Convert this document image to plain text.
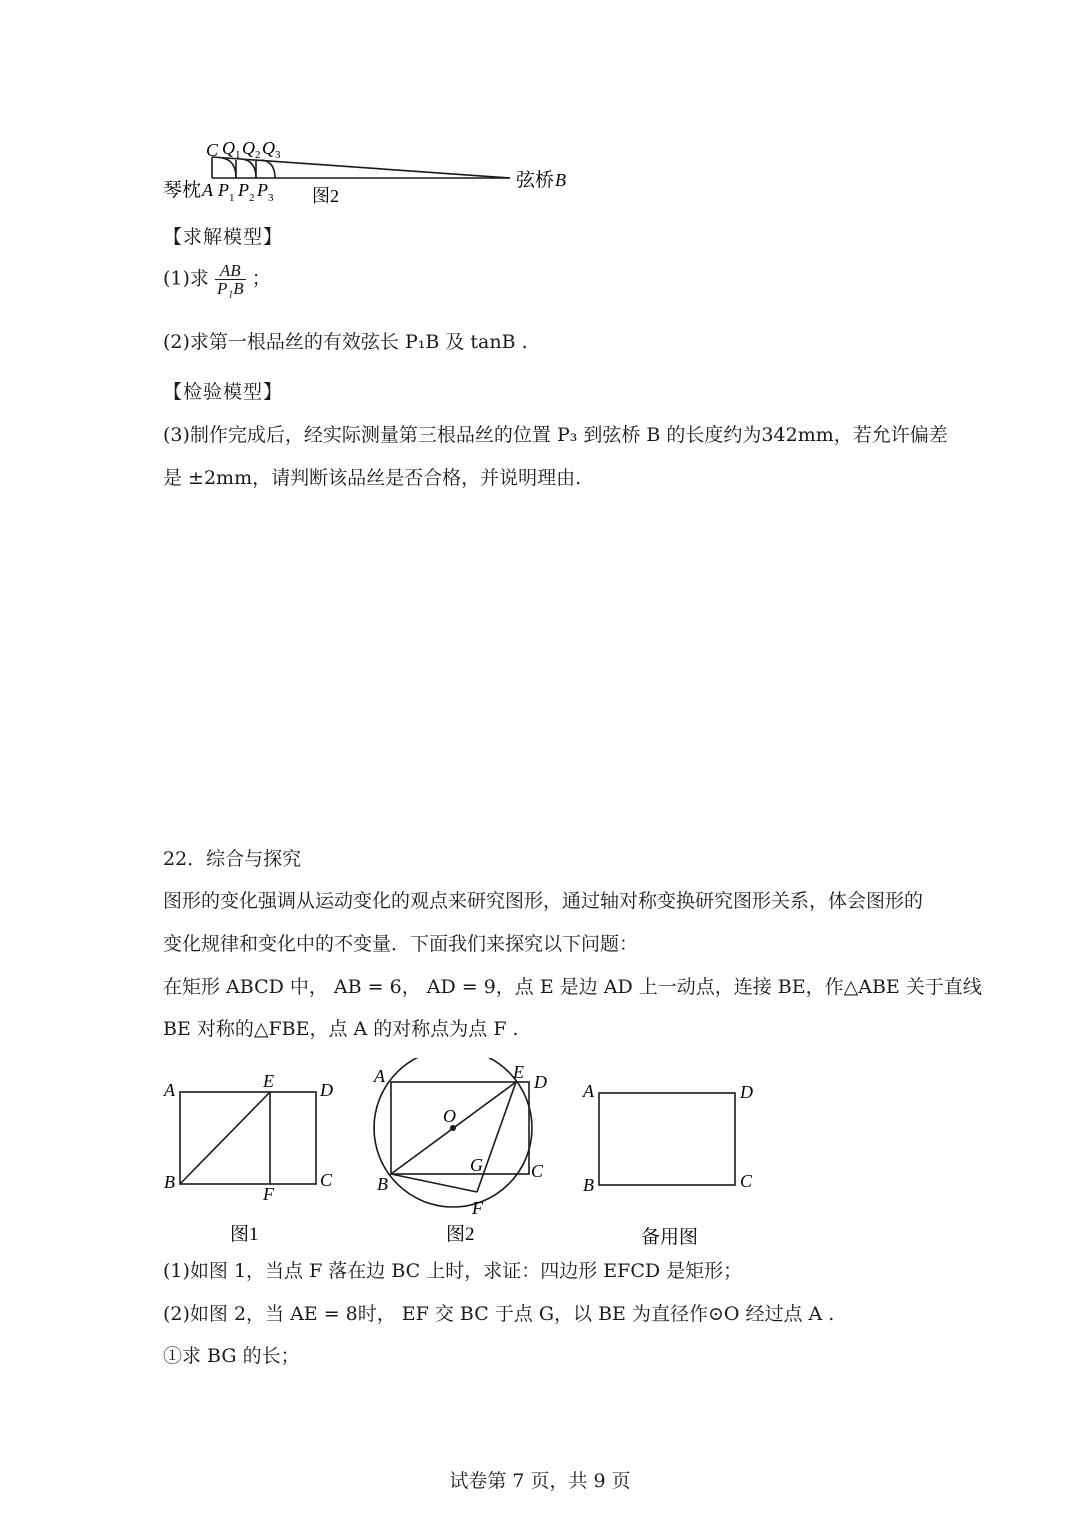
C Q 1 Q 2 Q 3
琴枕 A P 1 P 2 P 3 图2
弦桥 B
【求解模型】
(1)求 $\frac{AB}{\text{P₁B}}$ ；
(2)求第一根品丝的有效弦长 P₁B 及 tanB .
【检验模型】
(3)制作完成后，经实际测量第三根品丝的位置 P₃ 到弦桥 B 的长度约为342mm，若允许偏差
是 ±2mm，请判断该品丝是否合格，并说明理由.
22．综合与探究
图形的变化强调从运动变化的观点来研究图形，通过轴对称变换研究图形关系，体会图形的
变化规律和变化中的不变量．下面我们来探究以下问题：
在矩形 ABCD 中， AB = 6， AD = 9，点 E 是边 AD 上一动点，连接 BE，作△ABE 关于直线
BE 对称的△FBE，点 A 的对称点为点 F .
A	E	D
B
F
C
图1
A	E D
O
G	C
B
F
图2
A	D
B	C
备用图
(1)如图 1，当点 F 落在边 BC 上时，求证：四边形 EFCD 是矩形；
(2)如图 2，当 AE = 8时， EF 交 BC 于点 G，以 BE 为直径作⊙O 经过点 A .
①求 BG 的长；
试卷第 7 页，共 9 页
